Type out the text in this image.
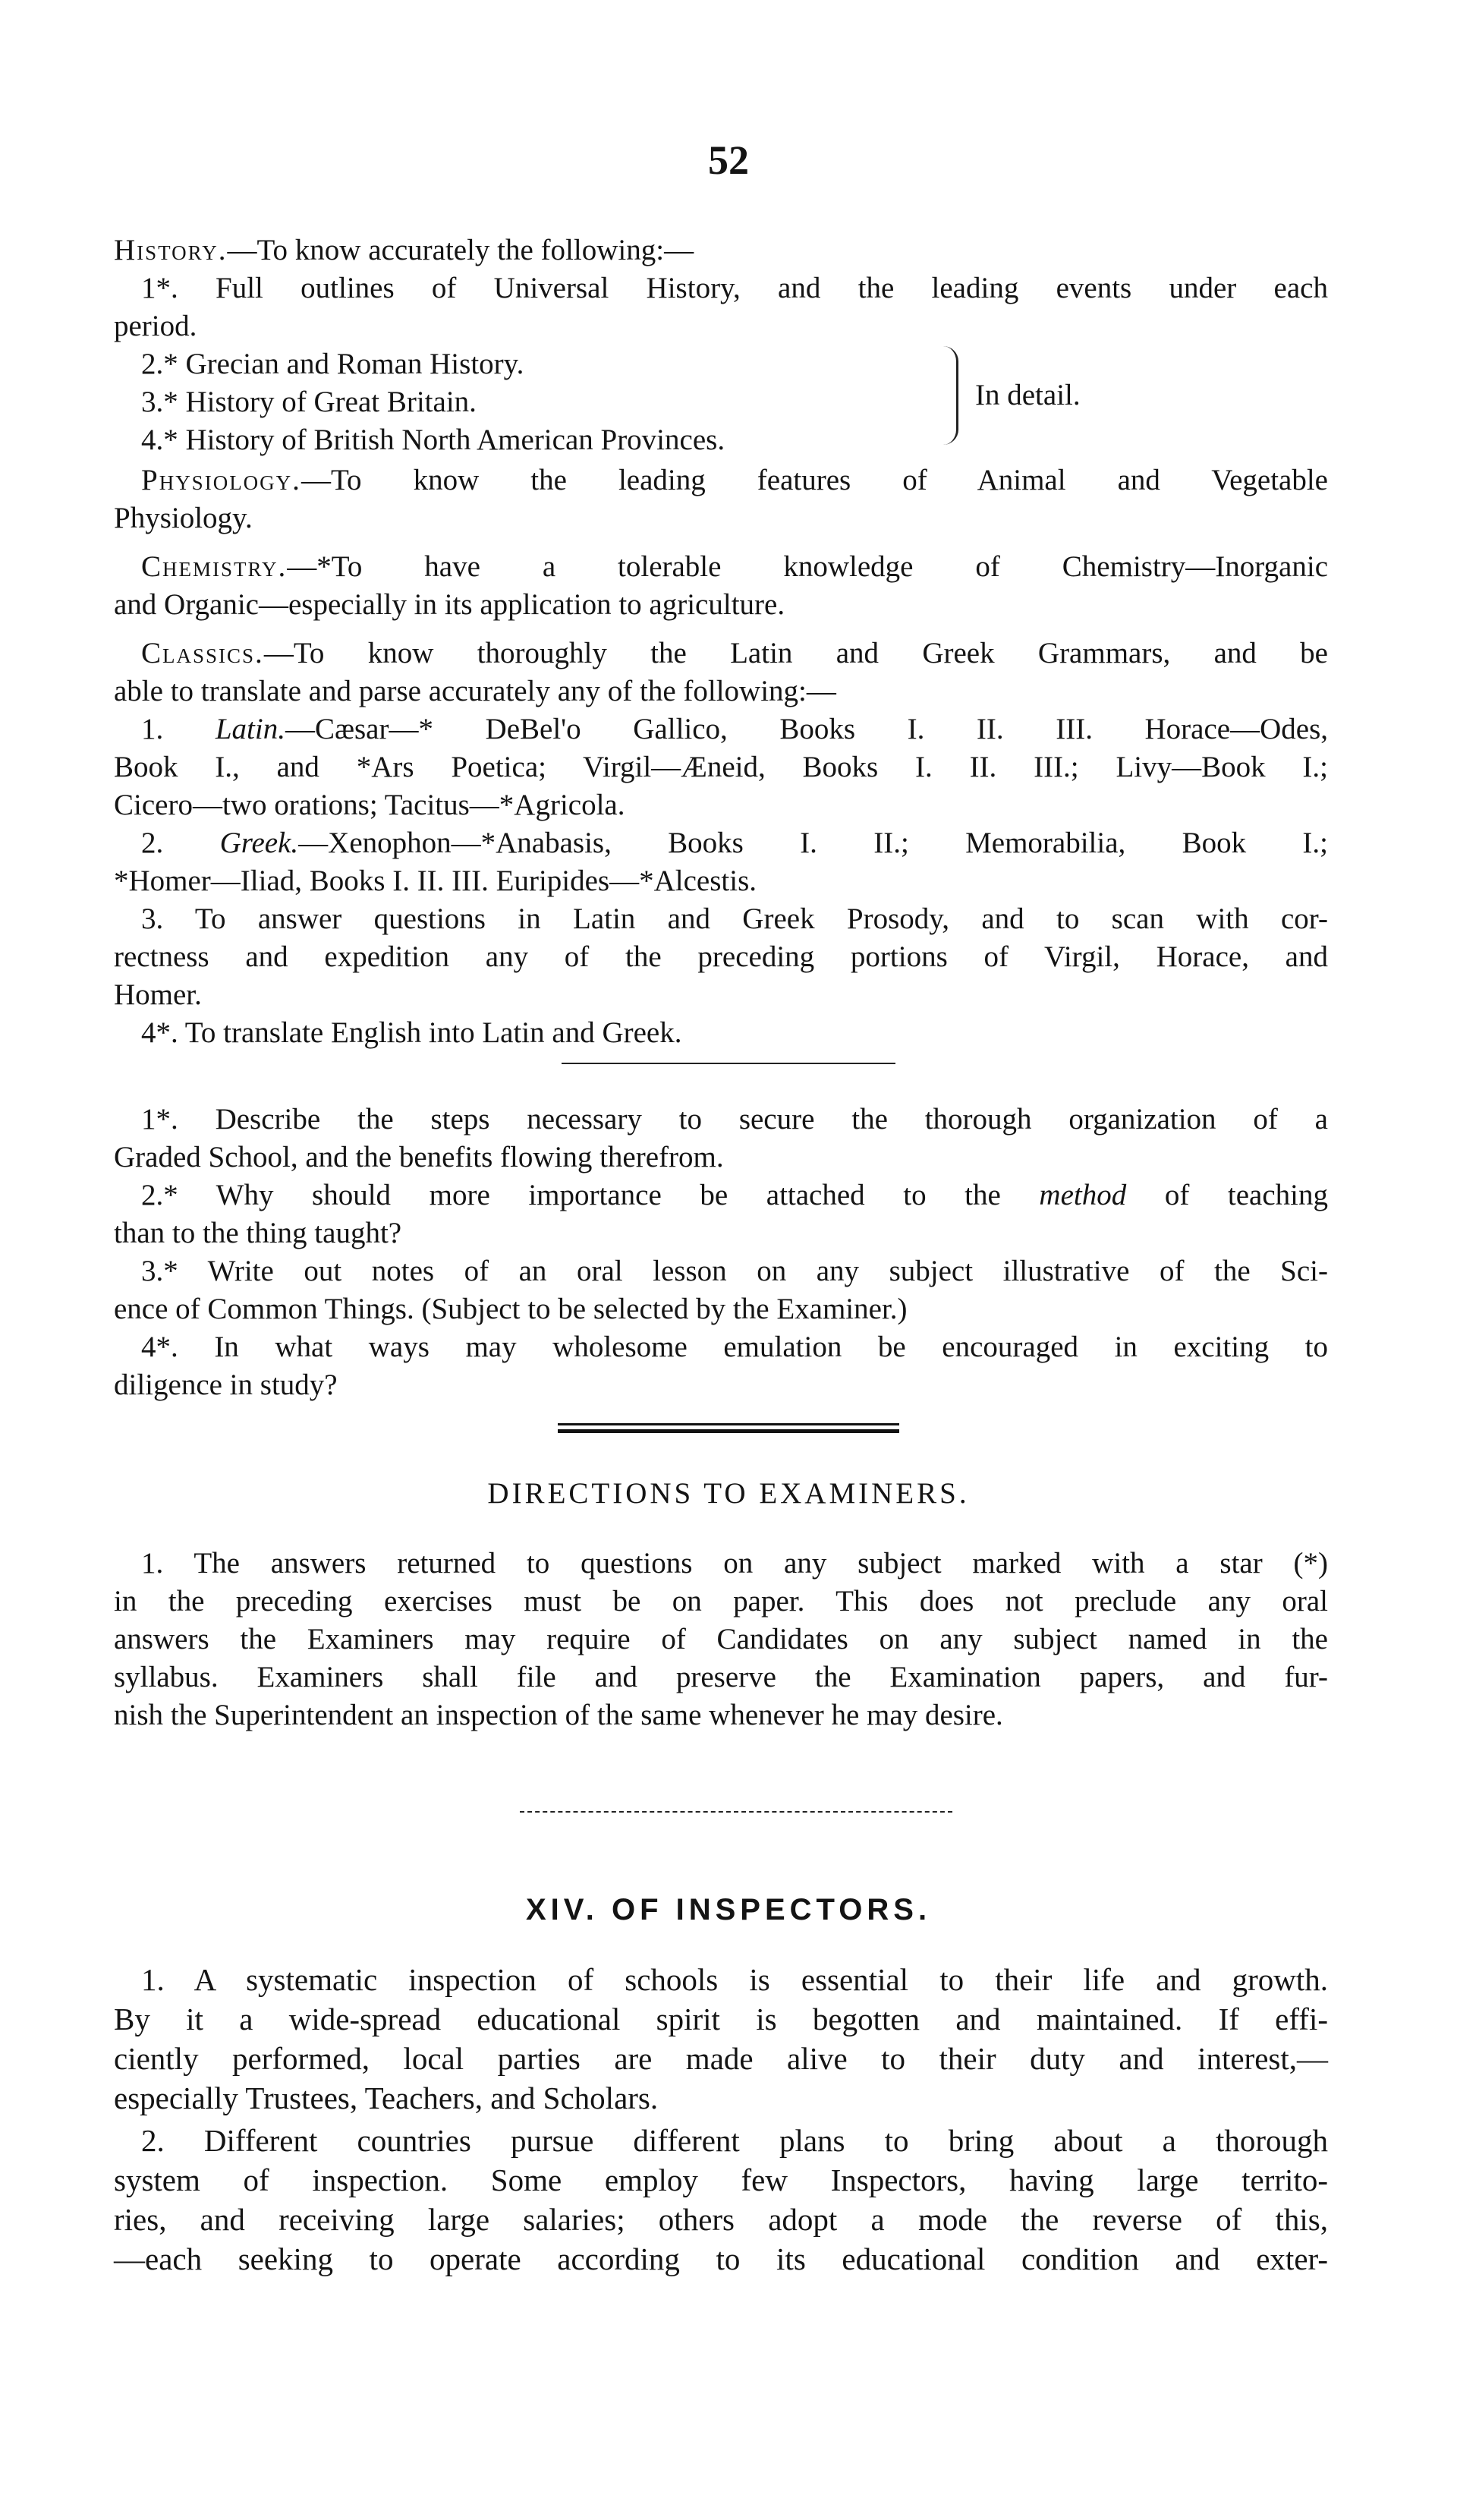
52
History.—To know accurately the following:—
1*. Full outlines of Universal History, and the leading events under each
period.
2.* Grecian and Roman History.
3.* History of Great Britain.
4.* History of British North American Provinces.
In detail.
Physiology.—To know the leading features of Animal and Vegetable
Physiology.
Chemistry.—*To have a tolerable knowledge of Chemistry—Inorganic
and Organic—especially in its application to agriculture.
Classics.—To know thoroughly the Latin and Greek Grammars, and be
able to translate and parse accurately any of the following:—
1. Latin.—Cæsar—* DeBel'o Gallico, Books I. II. III. Horace—Odes,
Book I., and *Ars Poetica; Virgil—Æneid, Books I. II. III.; Livy—Book I.;
Cicero—two orations; Tacitus—*Agricola.
2. Greek.—Xenophon—*Anabasis, Books I. II.; Memorabilia, Book I.;
*Homer—Iliad, Books I. II. III. Euripides—*Alcestis.
3. To answer questions in Latin and Greek Prosody, and to scan with cor-
rectness and expedition any of the preceding portions of Virgil, Horace, and
Homer.
4*. To translate English into Latin and Greek.
1*. Describe the steps necessary to secure the thorough organization of a
Graded School, and the benefits flowing therefrom.
2.* Why should more importance be attached to the method of teaching
than to the thing taught?
3.* Write out notes of an oral lesson on any subject illustrative of the Sci-
ence of Common Things. (Subject to be selected by the Examiner.)
4*. In what ways may wholesome emulation be encouraged in exciting to
diligence in study?
DIRECTIONS TO EXAMINERS.
1. The answers returned to questions on any subject marked with a star (*)
in the preceding exercises must be on paper. This does not preclude any oral
answers the Examiners may require of Candidates on any subject named in the
syllabus. Examiners shall file and preserve the Examination papers, and fur-
nish the Superintendent an inspection of the same whenever he may desire.
XIV. OF INSPECTORS.
1. A systematic inspection of schools is essential to their life and growth.
By it a wide-spread educational spirit is begotten and maintained. If effi-
ciently performed, local parties are made alive to their duty and interest,—
especially Trustees, Teachers, and Scholars.
2. Different countries pursue different plans to bring about a thorough
system of inspection. Some employ few Inspectors, having large territo-
ries, and receiving large salaries; others adopt a mode the reverse of this,
—each seeking to operate according to its educational condition and exter-
